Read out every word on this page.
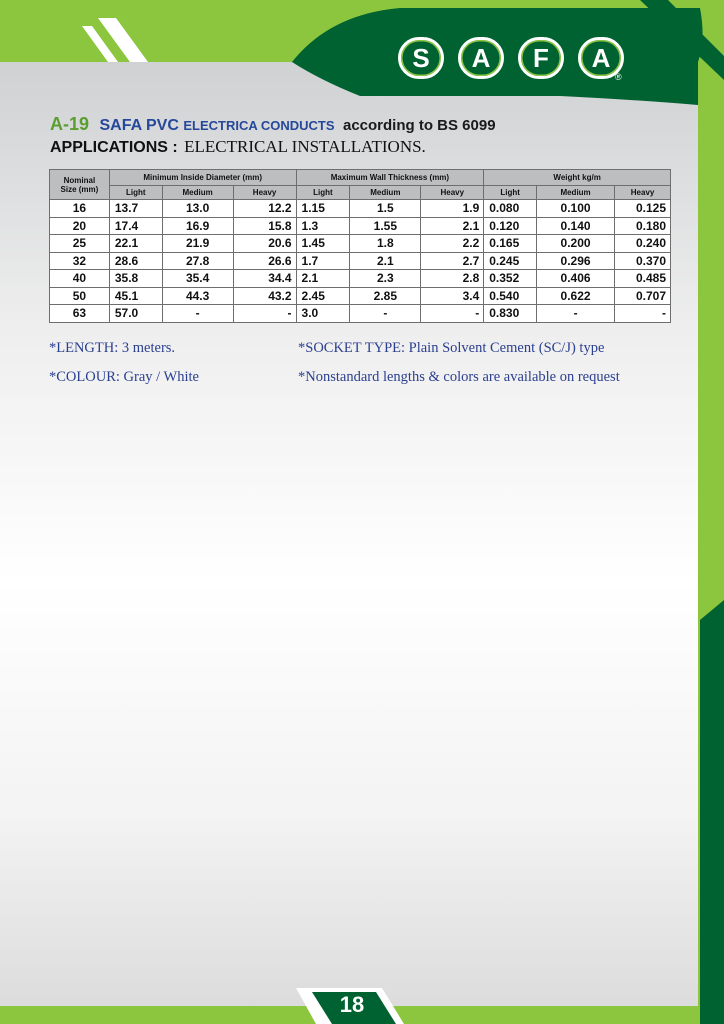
S	A	F	A
®
A-19 SAFA PVC ELECTRICA CONDUCTS according to BS 6099
APPLICATIONS : ELECTRICAL INSTALLATIONS.
Nominal
Size (mm)	Minimum Inside Diameter (mm)			Maximum Wall Thickness (mm)			Weight kg/m		
	Light	Medium	Heavy	Light	Medium	Heavy	Light	Medium	Heavy
16	13.7	13.0	12.2	1.15	1.5	1.9	0.080	0.100	0.125
20	17.4	16.9	15.8	1.3	1.55	2.1	0.120	0.140	0.180
25	22.1	21.9	20.6	1.45	1.8	2.2	0.165	0.200	0.240
32	28.6	27.8	26.6	1.7	2.1	2.7	0.245	0.296	0.370
40	35.8	35.4	34.4	2.1	2.3	2.8	0.352	0.406	0.485
50	45.1	44.3	43.2	2.45	2.85	3.4	0.540	0.622	0.707
63	57.0	-	-	3.0	-	-	0.830	-	-
*LENGTH: 3 meters.
*COLOUR: Gray / White
*SOCKET TYPE: Plain Solvent Cement (SC/J) type
*Nonstandard lengths & colors are available on request
18
